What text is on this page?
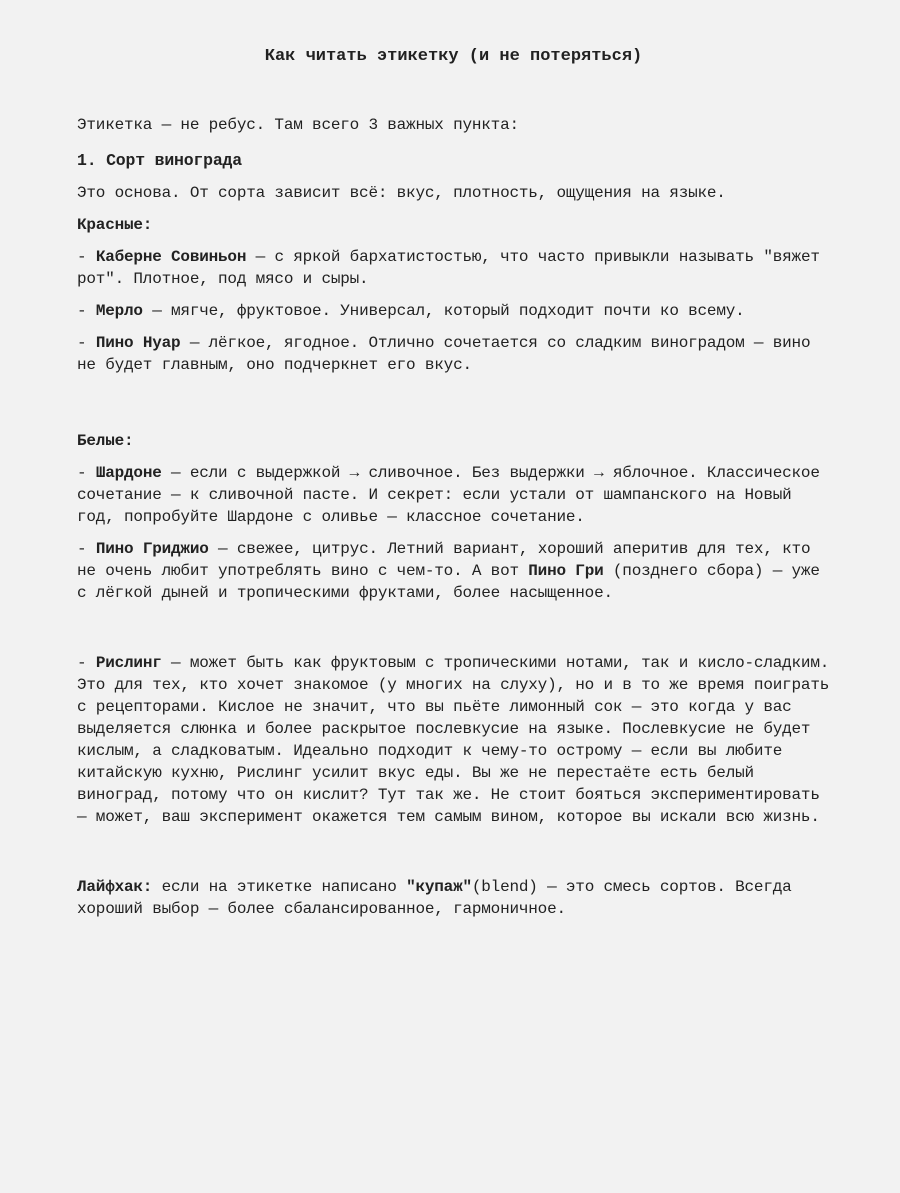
Как читать этикетку (и не потеряться)

Этикетка — не ребус. Там всего 3 важных пункта:

1. Сорт винограда

Это основа. От сорта зависит всё: вкус, плотность, ощущения на языке.

Красные:

- Каберне Совиньон — с яркой бархатистостью, что часто привыкли называть "вяжет рот". Плотное, под мясо и сыры.

- Мерло — мягче, фруктовое. Универсал, который подходит почти ко всему.

- Пино Нуар — лёгкое, ягодное. Отлично сочетается со сладким виноградом — вино не будет главным, оно подчеркнет его вкус.

Белые:

- Шардоне — если с выдержкой → сливочное. Без выдержки → яблочное. Классическое сочетание — к сливочной пасте. И секрет: если устали от шампанского на Новый год, попробуйте Шардоне с оливье — классное сочетание.

- Пино Гриджио — свежее, цитрус. Летний вариант, хороший аперитив для тех, кто не очень любит употреблять вино с чем-то. А вот Пино Гри (позднего сбора) — уже с лёгкой дыней и тропическими фруктами, более насыщенное.

- Рислинг — может быть как фруктовым с тропическими нотами, так и кисло-сладким. Это для тех, кто хочет знакомое (у многих на слуху), но и в то же время поиграть с рецепторами. Кислое не значит, что вы пьёте лимонный сок — это когда у вас выделяется слюнка и более раскрытое послевкусие на языке. Послевкусие не будет кислым, а сладковатым. Идеально подходит к чему-то острому — если вы любите китайскую кухню, Рислинг усилит вкус еды. Вы же не перестаёте есть белый виноград, потому что он кислит? Тут так же. Не стоит бояться экспериментировать — может, ваш эксперимент окажется тем самым вином, которое вы искали всю жизнь.

Лайфхак: если на этикетке написано "купаж"(blend) — это смесь сортов. Всегда хороший выбор — более сбалансированное, гармоничное.
